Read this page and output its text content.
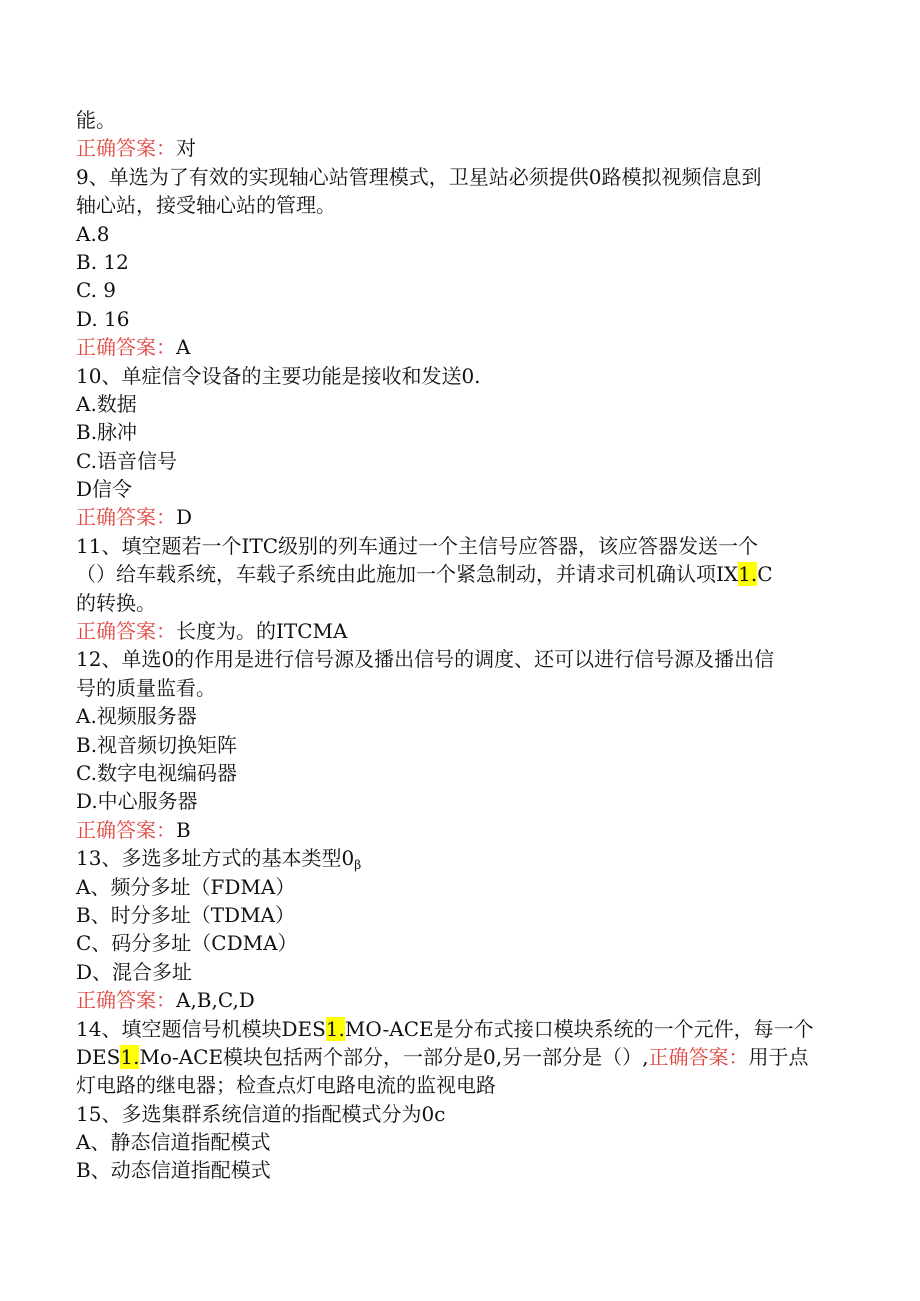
能。
正确答案：对
9、单选为了有效的实现轴心站管理模式，卫星站必须提供0路模拟视频信息到
轴心站，接受轴心站的管理。
A.8
B. 12
C. 9
D. 16
正确答案：A
10、单症信令设备的主要功能是接收和发送0.
A.数据
B.脉冲
C.语音信号
D信令
正确答案：D
11、填空题若一个ITC级别的列车通过一个主信号应答器，该应答器发送一个
（）给车载系统，车载子系统由此施加一个紧急制动，并请求司机确认项IX1.C
的转换。
正确答案：长度为。的ITCMA
12、单选0的作用是进行信号源及播出信号的调度、还可以进行信号源及播出信
号的质量监看。
A.视频服务器
B.视音频切换矩阵
C.数字电视编码器
D.中心服务器
正确答案：B
13、多选多址方式的基本类型$0_\beta$
A、频分多址（FDMA）
B、时分多址（TDMA）
C、码分多址（CDMA）
D、混合多址
正确答案：A,B,C,D
14、填空题信号机模块DES1.MO-ACE是分布式接口模块系统的一个元件，每一个
DES1.Mo-ACE模块包括两个部分，一部分是0,另一部分是（）,正确答案：用于点
灯电路的继电器；检查点灯电路电流的监视电路
15、多选集群系统信道的指配模式分为0c
A、静态信道指配模式
B、动态信道指配模式
